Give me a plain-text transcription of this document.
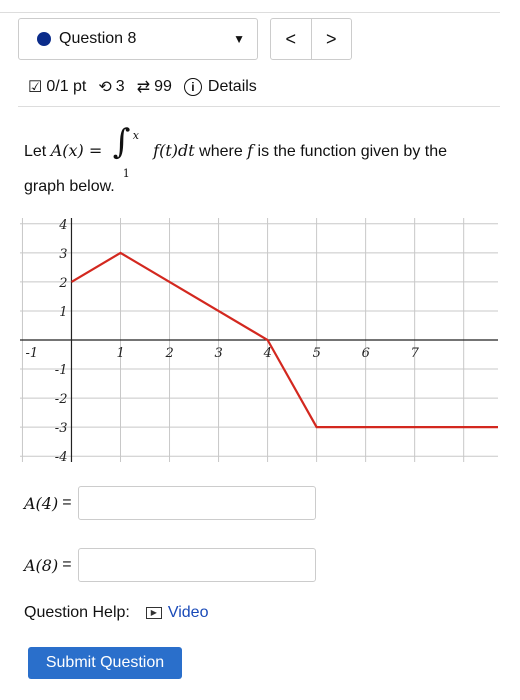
Question 8	▼	<	>
☑ 0/1 pt ⟲ 3 ⇄ 99	i Details
Let A(x) = ∫ x
1
f(t)dt where f is the function given by the
graph below.
-1	1	2	3	4	5	6	7
4
3
2
1
-1
-2
-3
-4
A(4) =
A(8) =
Question Help:	▶ Video
Submit Question
